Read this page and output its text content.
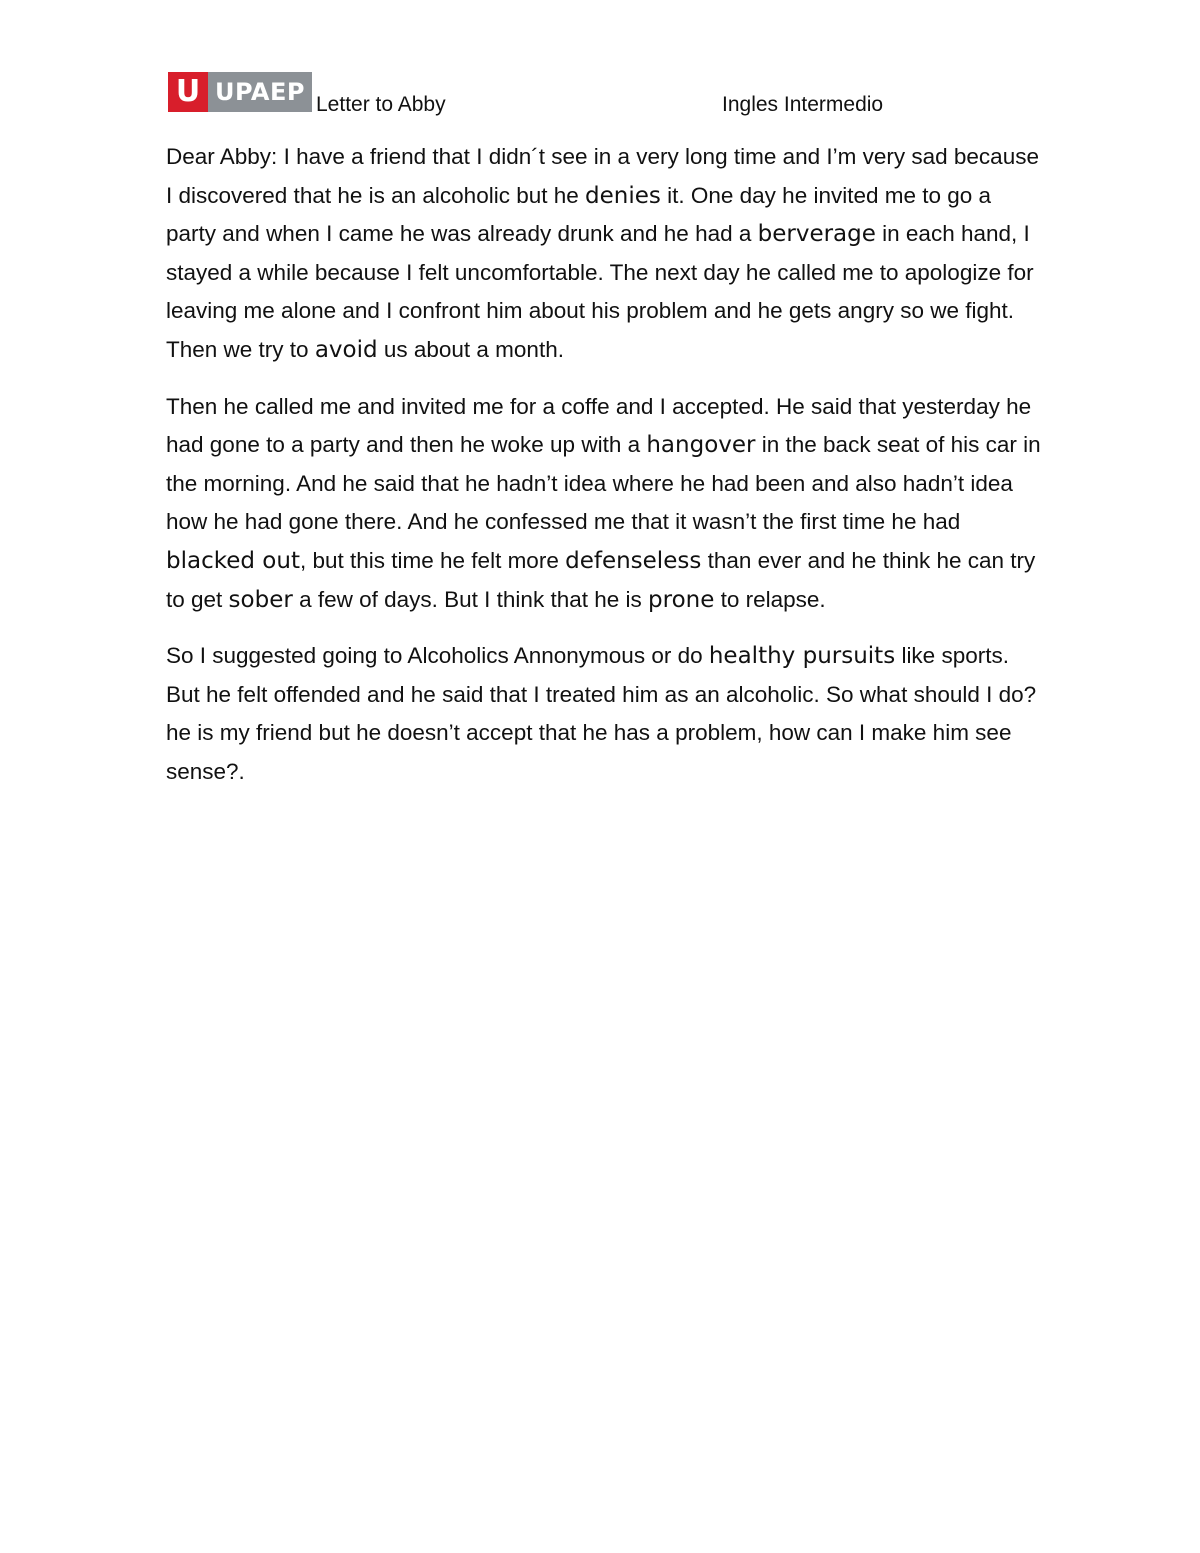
U UPAEP Letter to Abby	Ingles Intermedio

Dear Abby: I have a friend that I didn´t see in a very long time and I’m very sad because I discovered that he is an alcoholic but he denies it. One day he invited me to go a party and when I came he was already drunk and he had a berverage in each hand, I stayed a while because I felt uncomfortable. The next day he called me to apologize for leaving me alone and I confront him about his problem and he gets angry so we fight. Then we try to avoid us about a month.

Then he called me and invited me for a coffe and I accepted. He said that yesterday he had gone to a party and then he woke up with a hangover in the back seat of his car in the morning. And he said that he hadn’t idea where he had been and also hadn’t idea how he had gone there. And he confessed me that it wasn’t the first time he had blacked out, but this time he felt more defenseless than ever and he think he can try to get sober a few of days. But I think that he is prone to relapse.

So I suggested going to Alcoholics Annonymous or do healthy pursuits like sports. But he felt offended and he said that I treated him as an alcoholic. So what should I do? he is my friend but he doesn’t accept that he has a problem, how can I make him see sense?.
